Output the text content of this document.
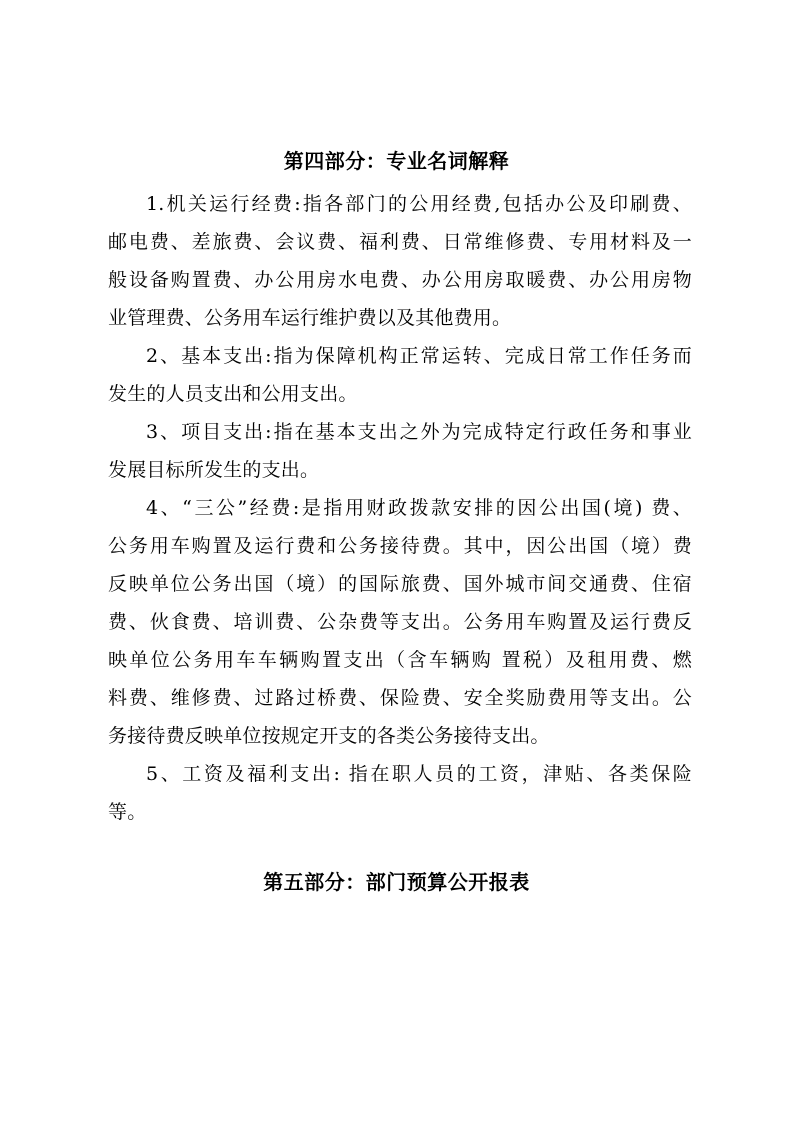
第四部分：专业名词解释
1.机关运行经费:指各部门的公用经费,包括办公及印刷费、
邮电费、差旅费、会议费、福利费、日常维修费、专用材料及一
般设备购置费、办公用房水电费、办公用房取暖费、办公用房物
业管理费、公务用车运行维护费以及其他费用。
2、基本支出:指为保障机构正常运转、完成日常工作任务而
发生的人员支出和公用支出。
3、项目支出:指在基本支出之外为完成特定行政任务和事业
发展目标所发生的支出。
4、“三公”经费:是指用财政拨款安排的因公出国(境) 费、
公务用车购置及运行费和公务接待费。其中，因公出国（境）费
反映单位公务出国（境）的国际旅费、国外城市间交通费、住宿
费、伙食费、培训费、公杂费等支出。公务用车购置及运行费反
映单位公务用车车辆购置支出（含车辆购 置税）及租用费、燃
料费、维修费、过路过桥费、保险费、安全奖励费用等支出。公
务接待费反映单位按规定开支的各类公务接待支出。
5、工资及福利支出: 指在职人员的工资，津贴、各类保险
等。
第五部分：部门预算公开报表
